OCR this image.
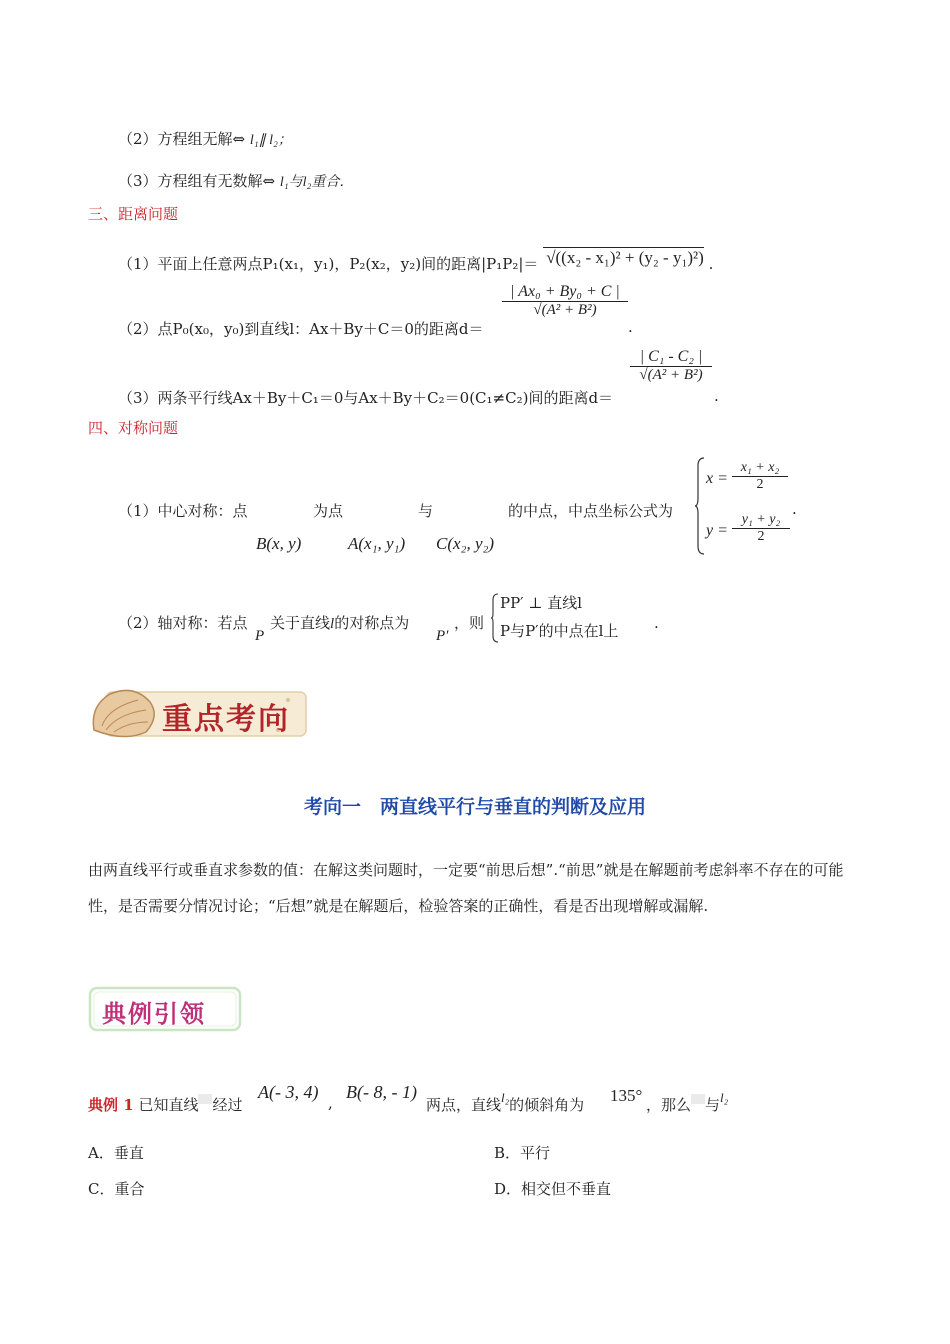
（2）方程组无解⇔ l₁∥ l₂；
（3）方程组有无数解⇔ l₁与l₂重合．
三、距离问题
（1）平面上任意两点P₁(x₁，y₁)，P₂(x₂，y₂)间的距离|P₁P₂|＝ √((x₂ - x₁)² + (y₂ - y₁)²) .
（2）点P₀(x₀，y₀)到直线l：Ax＋By＋C＝0的距离d＝
$\frac{\text{| Ax₀ + By₀ + C |}}{\text{√(A² + B²)}}$
.
（3）两条平行线Ax＋By＋C₁＝0与Ax＋By＋C₂＝0(C₁≠C₂)间的距离d＝
$\frac{\text{| C₁ - C₂ |}}{\text{√(A² + B²)}}$
.
四、对称问题
（1）中心对称：点	为点	与	的中点，中点坐标公式为
B(x, y)	A(x₁, y₁) C(x₂, y₂)
$x = \frac{\text{x₁ + x₂}}{2}$
$y = \frac{\text{y₁ + y₂}}{2}$
.
（2）轴对称：若点
P
关于直线l的对称点为
P′
，则
PP′ ⊥ 直线l
P与P′的中点在l上 .
重点考向
考向一　两直线平行与垂直的判断及应用
由两直线平行或垂直求参数的值：在解这类问题时，一定要“前思后想”.“前思”就是在解题前考虑斜率不存在的可能性，是否需要分情况讨论；“后想”就是在解题后，检验答案的正确性，看是否出现增解或漏解.
典例引领
典例 1 已知直线 经过
A(- 3, 4)
,
B(- 8, - 1)
两点，直线l₂的倾斜角为 135° ，那么 与l₂
A．垂直	B．平行
C．重合	D．相交但不垂直
